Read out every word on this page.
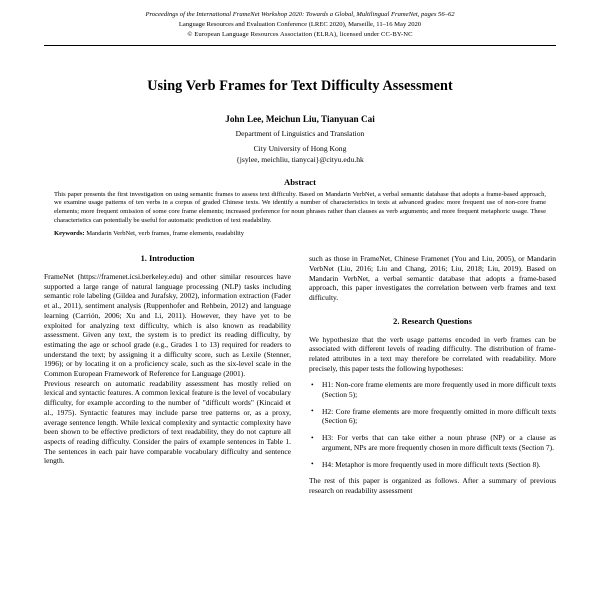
Proceedings of the International FrameNet Workshop 2020: Towards a Global, Multilingual FrameNet, pages 56–62
Language Resources and Evaluation Conference (LREC 2020), Marseille, 11–16 May 2020
© European Language Resources Association (ELRA), licensed under CC-BY-NC
Using Verb Frames for Text Difficulty Assessment
John Lee, Meichun Liu, Tianyuan Cai
Department of Linguistics and Translation
City University of Hong Kong
{jsylee, meichliu, tianycai}@cityu.edu.hk
Abstract
This paper presents the first investigation on using semantic frames to assess text difficulty. Based on Mandarin VerbNet, a verbal semantic database that adopts a frame-based approach, we examine usage patterns of ten verbs in a corpus of graded Chinese texts. We identify a number of characteristics in texts at advanced grades: more frequent use of non-core frame elements; more frequent omission of some core frame elements; increased preference for noun phrases rather than clauses as verb arguments; and more frequent metaphoric usage. These characteristics can potentially be useful for automatic prediction of text readability.
Keywords: Mandarin VerbNet, verb frames, frame elements, readability
1. Introduction

FrameNet (https://framenet.icsi.berkeley.edu) and other similar resources have supported a large range of natural language processing (NLP) tasks including semantic role labeling (Gildea and Jurafsky, 2002), information extraction (Fader et al., 2011), sentiment analysis (Ruppenhofer and Rehbein, 2012) and language learning (Carrión, 2006; Xu and Li, 2011). However, they have yet to be exploited for analyzing text difficulty, which is also known as readability assessment. Given any text, the system is to predict its reading difficulty, by estimating the age or school grade (e.g., Grades 1 to 13) required for readers to understand the text; by assigning it a difficulty score, such as Lexile (Stenner, 1996); or by locating it on a proficiency scale, such as the six-level scale in the Common European Framework of Reference for Language (2001).

Previous research on automatic readability assessment has mostly relied on lexical and syntactic features. A common lexical feature is the level of vocabulary difficulty, for example according to the number of "difficult words" (Kincaid et al., 1975). Syntactic features may include parse tree patterns or, as a proxy, average sentence length. While lexical complexity and syntactic complexity have been shown to be effective predictors of text readability, they do not capture all aspects of reading difficulty. Consider the pairs of example sentences in Table 1. The sentences in each pair have comparable vocabulary difficulty and sentence length.

such as those in FrameNet, Chinese Framenet (You and Liu, 2005), or Mandarin VerbNet (Liu, 2016; Liu and Chang, 2016; Liu, 2018; Liu, 2019). Based on Mandarin VerbNet, a verbal semantic database that adopts a frame-based approach, this paper investigates the correlation between verb frames and text difficulty.

2. Research Questions

We hypothesize that the verb usage patterns encoded in verb frames can be associated with different levels of reading difficulty. The distribution of frame-related attributes in a text may therefore be correlated with readability. More precisely, this paper tests the following hypotheses:

• H1: Non-core frame elements are more frequently used in more difficult texts (Section 5);
• H2: Core frame elements are more frequently omitted in more difficult texts (Section 6);
• H3: For verbs that can take either a noun phrase (NP) or a clause as argument, NPs are more frequently chosen in more difficult texts (Section 7).
• H4: Metaphor is more frequently used in more difficult texts (Section 8).

The rest of this paper is organized as follows. After a summary of previous research on readability assessment
